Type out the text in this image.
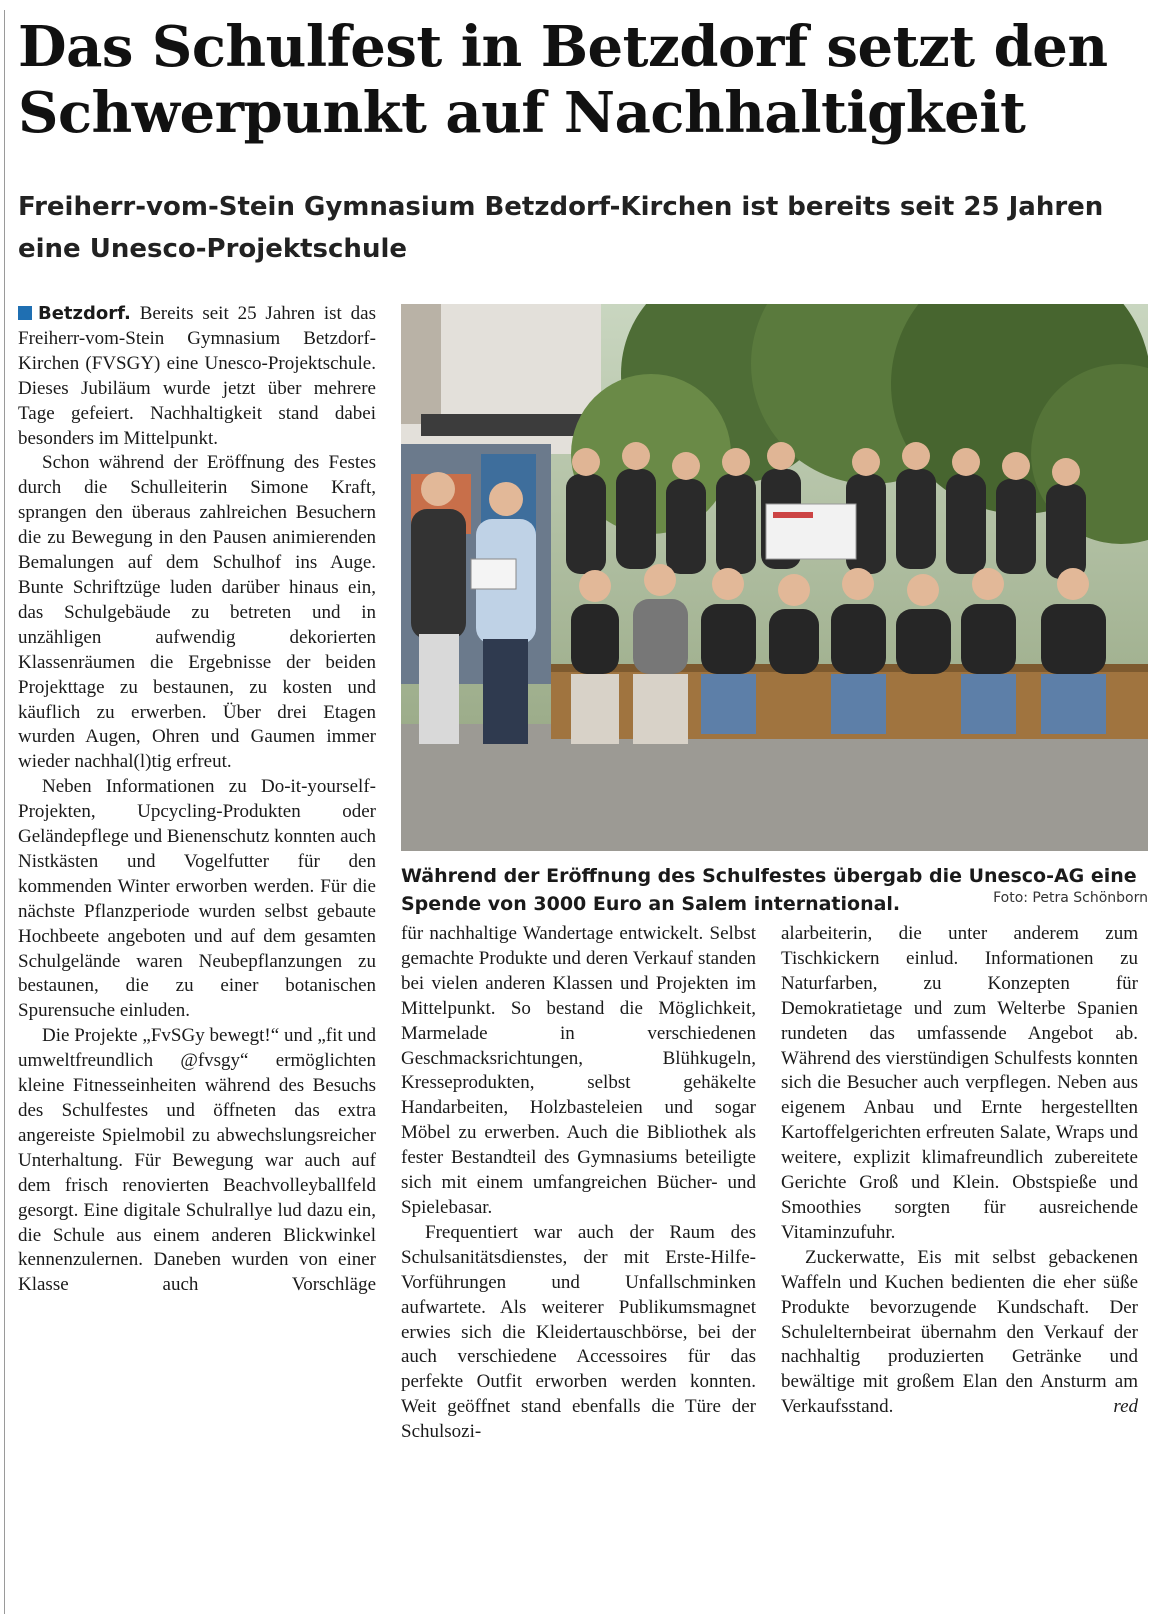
Das Schulfest in Betzdorf setzt den Schwerpunkt auf Nachhaltigkeit
Freiherr-vom-Stein Gymnasium Betzdorf-Kirchen ist bereits seit 25 Jahren eine Unesco-Projektschule

Betzdorf. Bereits seit 25 Jahren ist das Freiherr-vom-Stein Gymnasium Betzdorf-Kirchen (FVSGY) eine Unesco-Projektschule. Dieses Jubiläum wurde jetzt über mehrere Tage gefeiert. Nachhaltigkeit stand dabei besonders im Mittelpunkt.

Schon während der Eröffnung des Festes durch die Schulleiterin Simone Kraft, sprangen den überaus zahlreichen Besuchern die zu Bewegung in den Pausen animierenden Bemalungen auf dem Schulhof ins Auge. Bunte Schriftzüge luden darüber hinaus ein, das Schulgebäude zu betreten und in unzähligen aufwendig dekorierten Klassenräumen die Ergebnisse der beiden Projekttage zu bestaunen, zu kosten und käuflich zu erwerben. Über drei Etagen wurden Augen, Ohren und Gaumen immer wieder nachhal(l)tig erfreut.

Neben Informationen zu Do-it-yourself-Projekten, Upcycling-Produkten oder Geländepflege und Bienenschutz konnten auch Nistkästen und Vogelfutter für den kommenden Winter erworben werden. Für die nächste Pflanzperiode wurden selbst gebaute Hochbeete angeboten und auf dem gesamten Schulgelände waren Neubepflanzungen zu bestaunen, die zu einer botanischen Spurensuche einluden.

Die Projekte „FvSGy bewegt!“ und „fit und umweltfreundlich @fvsgy“ ermöglichten kleine Fitnesseinheiten während des Besuchs des Schulfestes und öffneten das extra angereiste Spielmobil zu abwechslungsreicher Unterhaltung. Für Bewegung war auch auf dem frisch renovierten Beachvolleyballfeld gesorgt. Eine digitale Schulrallye lud dazu ein, die Schule aus einem anderen Blickwinkel kennenzulernen. Daneben wurden von einer Klasse auch Vorschläge

Während der Eröffnung des Schulfestes übergab die Unesco-AG eine Spende von 3000 Euro an Salem international.	Foto: Petra Schönborn

für nachhaltige Wandertage entwickelt. Selbst gemachte Produkte und deren Verkauf standen bei vielen anderen Klassen und Projekten im Mittelpunkt. So bestand die Möglichkeit, Marmelade in verschiedenen Geschmacksrichtungen, Blühkugeln, Kresseprodukten, selbst gehäkelte Handarbeiten, Holzbasteleien und sogar Möbel zu erwerben. Auch die Bibliothek als fester Bestandteil des Gymnasiums beteiligte sich mit einem umfangreichen Bücher- und Spielebasar.

Frequentiert war auch der Raum des Schulsanitätsdienstes, der mit Erste-Hilfe-Vorführungen und Unfallschminken aufwartete. Als weiterer Publikumsmagnet erwies sich die Kleidertauschbörse, bei der auch verschiedene Accessoires für das perfekte Outfit erworben werden konnten. Weit geöffnet stand ebenfalls die Türe der Schulsozi-

alarbeiterin, die unter anderem zum Tischkickern einlud. Informationen zu Naturfarben, zu Konzepten für Demokratietage und zum Welterbe Spanien rundeten das umfassende Angebot ab. Während des vierstündigen Schulfests konnten sich die Besucher auch verpflegen. Neben aus eigenem Anbau und Ernte hergestellten Kartoffelgerichten erfreuten Salate, Wraps und weitere, explizit klimafreundlich zubereitete Gerichte Groß und Klein. Obstspieße und Smoothies sorgten für ausreichende Vitaminzufuhr.

Zuckerwatte, Eis mit selbst gebackenen Waffeln und Kuchen bedienten die eher süße Produkte bevorzugende Kundschaft. Der Schulelternbeirat übernahm den Verkauf der nachhaltig produzierten Getränke und bewältige mit großem Elan den Ansturm am Verkaufsstand.	red
